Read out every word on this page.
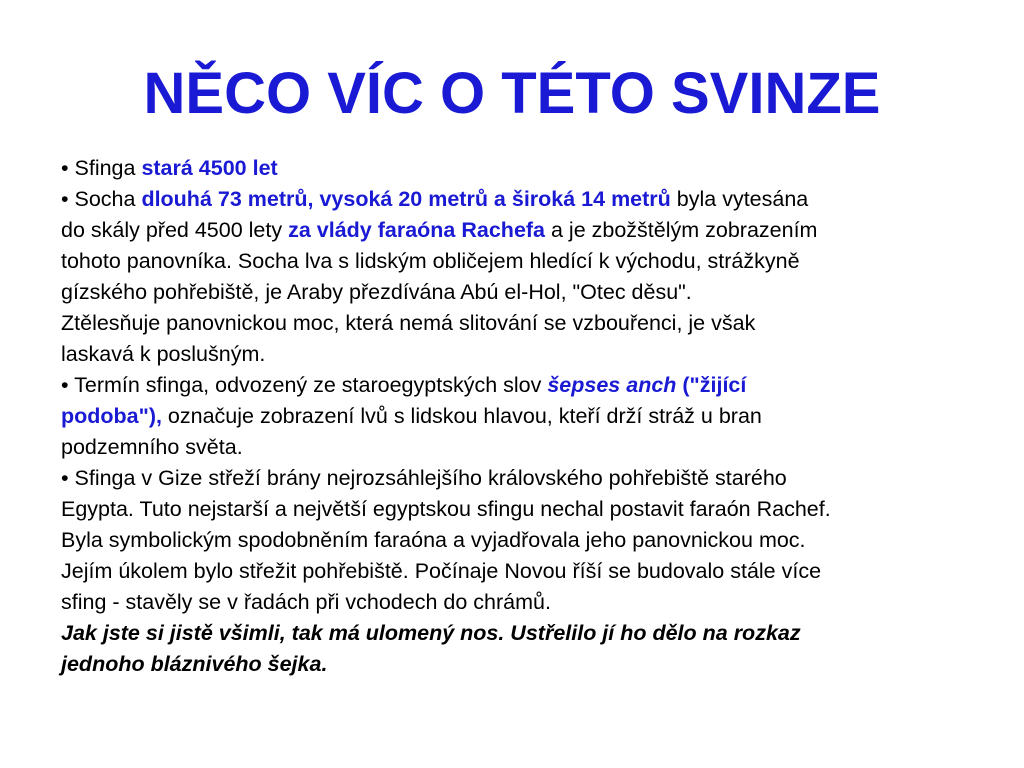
NĚCO VÍC O TÉTO SVINZE
• Sfinga stará 4500 let
• Socha dlouhá 73 metrů, vysoká 20 metrů a široká 14 metrů byla vytesána
do skály před 4500 lety za vlády faraóna Rachefa a je zbožštělým zobrazením
tohoto panovníka. Socha lva s lidským obličejem hledící k východu, strážkyně
gízského pohřebiště, je Araby přezdívána Abú el-Hol, "Otec děsu".
Ztělesňuje panovnickou moc, která nemá slitování se vzbouřenci, je však
laskavá k poslušným.
• Termín sfinga, odvozený ze staroegyptských slov šepses anch ("žijící
podoba"), označuje zobrazení lvů s lidskou hlavou, kteří drží stráž u bran
podzemního světa.
• Sfinga v Gize střeží brány nejrozsáhlejšího královského pohřebiště starého
Egypta. Tuto nejstarší a největší egyptskou sfingu nechal postavit faraón Rachef.
Byla symbolickým spodobněním faraóna a vyjadřovala jeho panovnickou moc.
Jejím úkolem bylo střežit pohřebiště. Počínaje Novou říší se budovalo stále více
sfing - stavěly se v řadách při vchodech do chrámů.
Jak jste si jistě všimli, tak má ulomený nos. Ustřelilo jí ho dělo na rozkaz
jednoho bláznivého šejka.
